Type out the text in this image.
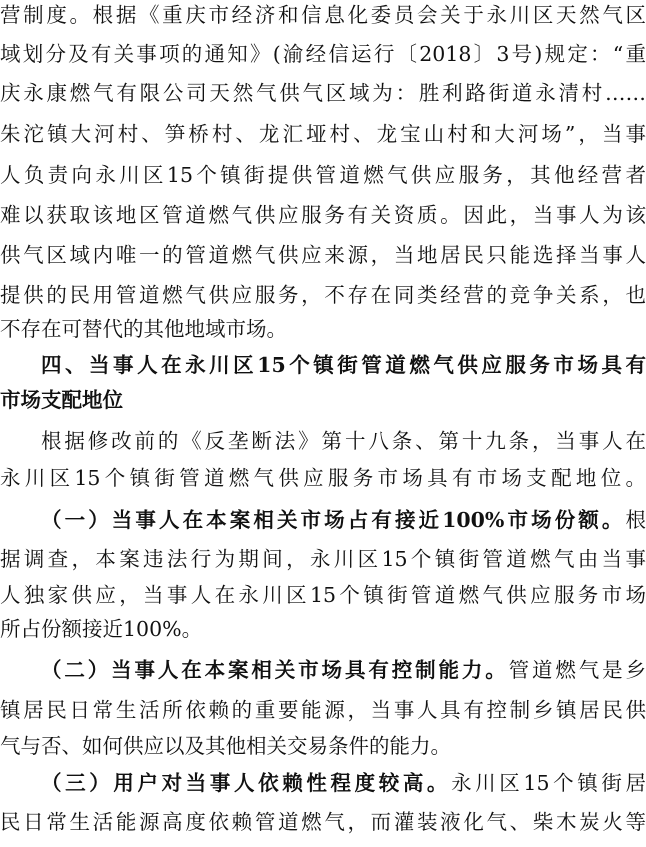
营制度。根据《重庆市经济和信息化委员会关于永川区天然气区
域划分及有关事项的通知》(渝经信运行〔2018〕3号)规定：“重
庆永康燃气有限公司天然气供气区域为：胜利路街道永清村……
朱沱镇大河村、笋桥村、龙汇垭村、龙宝山村和大河场”，当事
人负责向永川区15个镇街提供管道燃气供应服务，其他经营者
难以获取该地区管道燃气供应服务有关资质。因此，当事人为该
供气区域内唯一的管道燃气供应来源，当地居民只能选择当事人
提供的民用管道燃气供应服务，不存在同类经营的竞争关系，也
不存在可替代的其他地域市场。
四、当事人在永川区15个镇街管道燃气供应服务市场具有
市场支配地位
根据修改前的《反垄断法》第十八条、第十九条，当事人在
永川区15个镇街管道燃气供应服务市场具有市场支配地位。
（一）当事人在本案相关市场占有接近100%市场份额。根
据调查，本案违法行为期间，永川区15个镇街管道燃气由当事
人独家供应，当事人在永川区15个镇街管道燃气供应服务市场
所占份额接近100%。
（二）当事人在本案相关市场具有控制能力。管道燃气是乡
镇居民日常生活所依赖的重要能源，当事人具有控制乡镇居民供
气与否、如何供应以及其他相关交易条件的能力。
（三）用户对当事人依赖性程度较高。永川区15个镇街居
民日常生活能源高度依赖管道燃气，而灌装液化气、柴木炭火等
